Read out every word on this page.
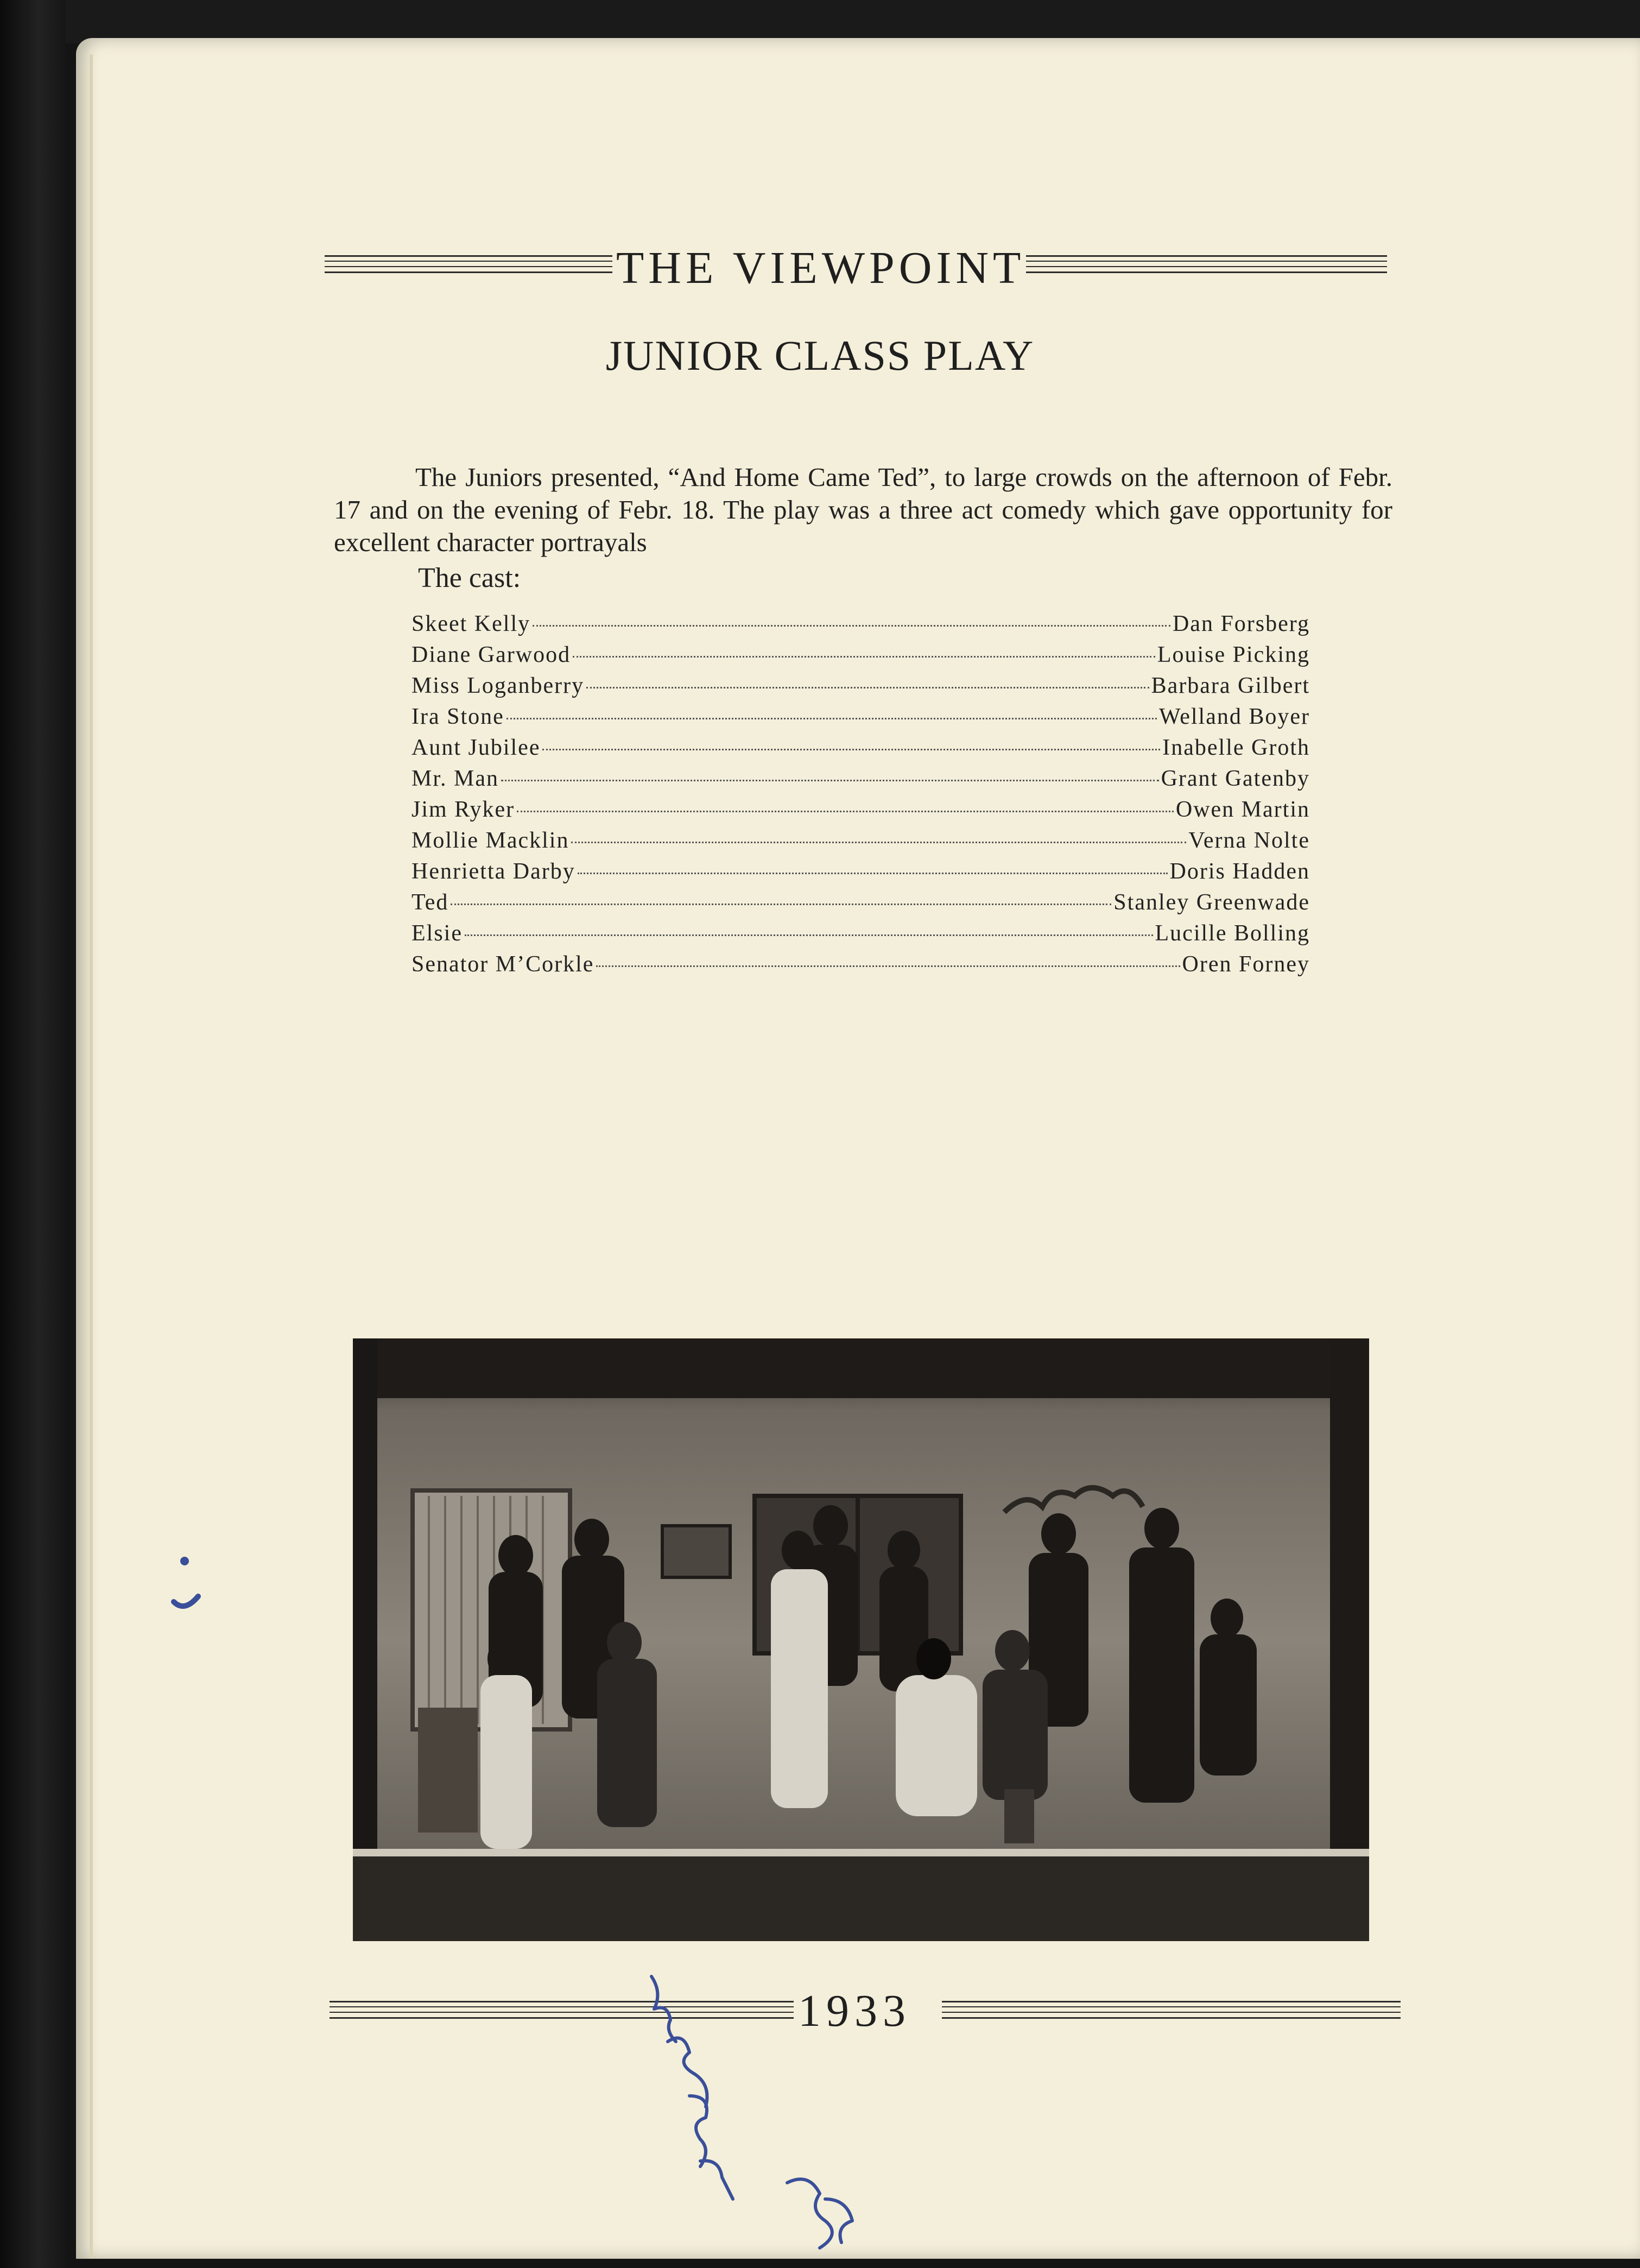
THE VIEWPOINT
JUNIOR CLASS PLAY

The Juniors presented, “And Home Came Ted”, to large crowds on the afternoon of Febr. 17 and on the evening of Febr. 18. The play was a three act comedy which gave opportunity for excellent character portrayals

The cast:
Skeet Kelly	Dan Forsberg
Diane Garwood	Louise Picking
Miss Loganberry	Barbara Gilbert
Ira Stone	Welland Boyer
Aunt Jubilee	Inabelle Groth
Mr. Man	Grant Gatenby
Jim Ryker	Owen Martin
Mollie Macklin	Verna Nolte
Henrietta Darby	Doris Hadden
Ted	Stanley Greenwade
Elsie	Lucille Bolling
Senator M’Corkle	Oren Forney
1933
